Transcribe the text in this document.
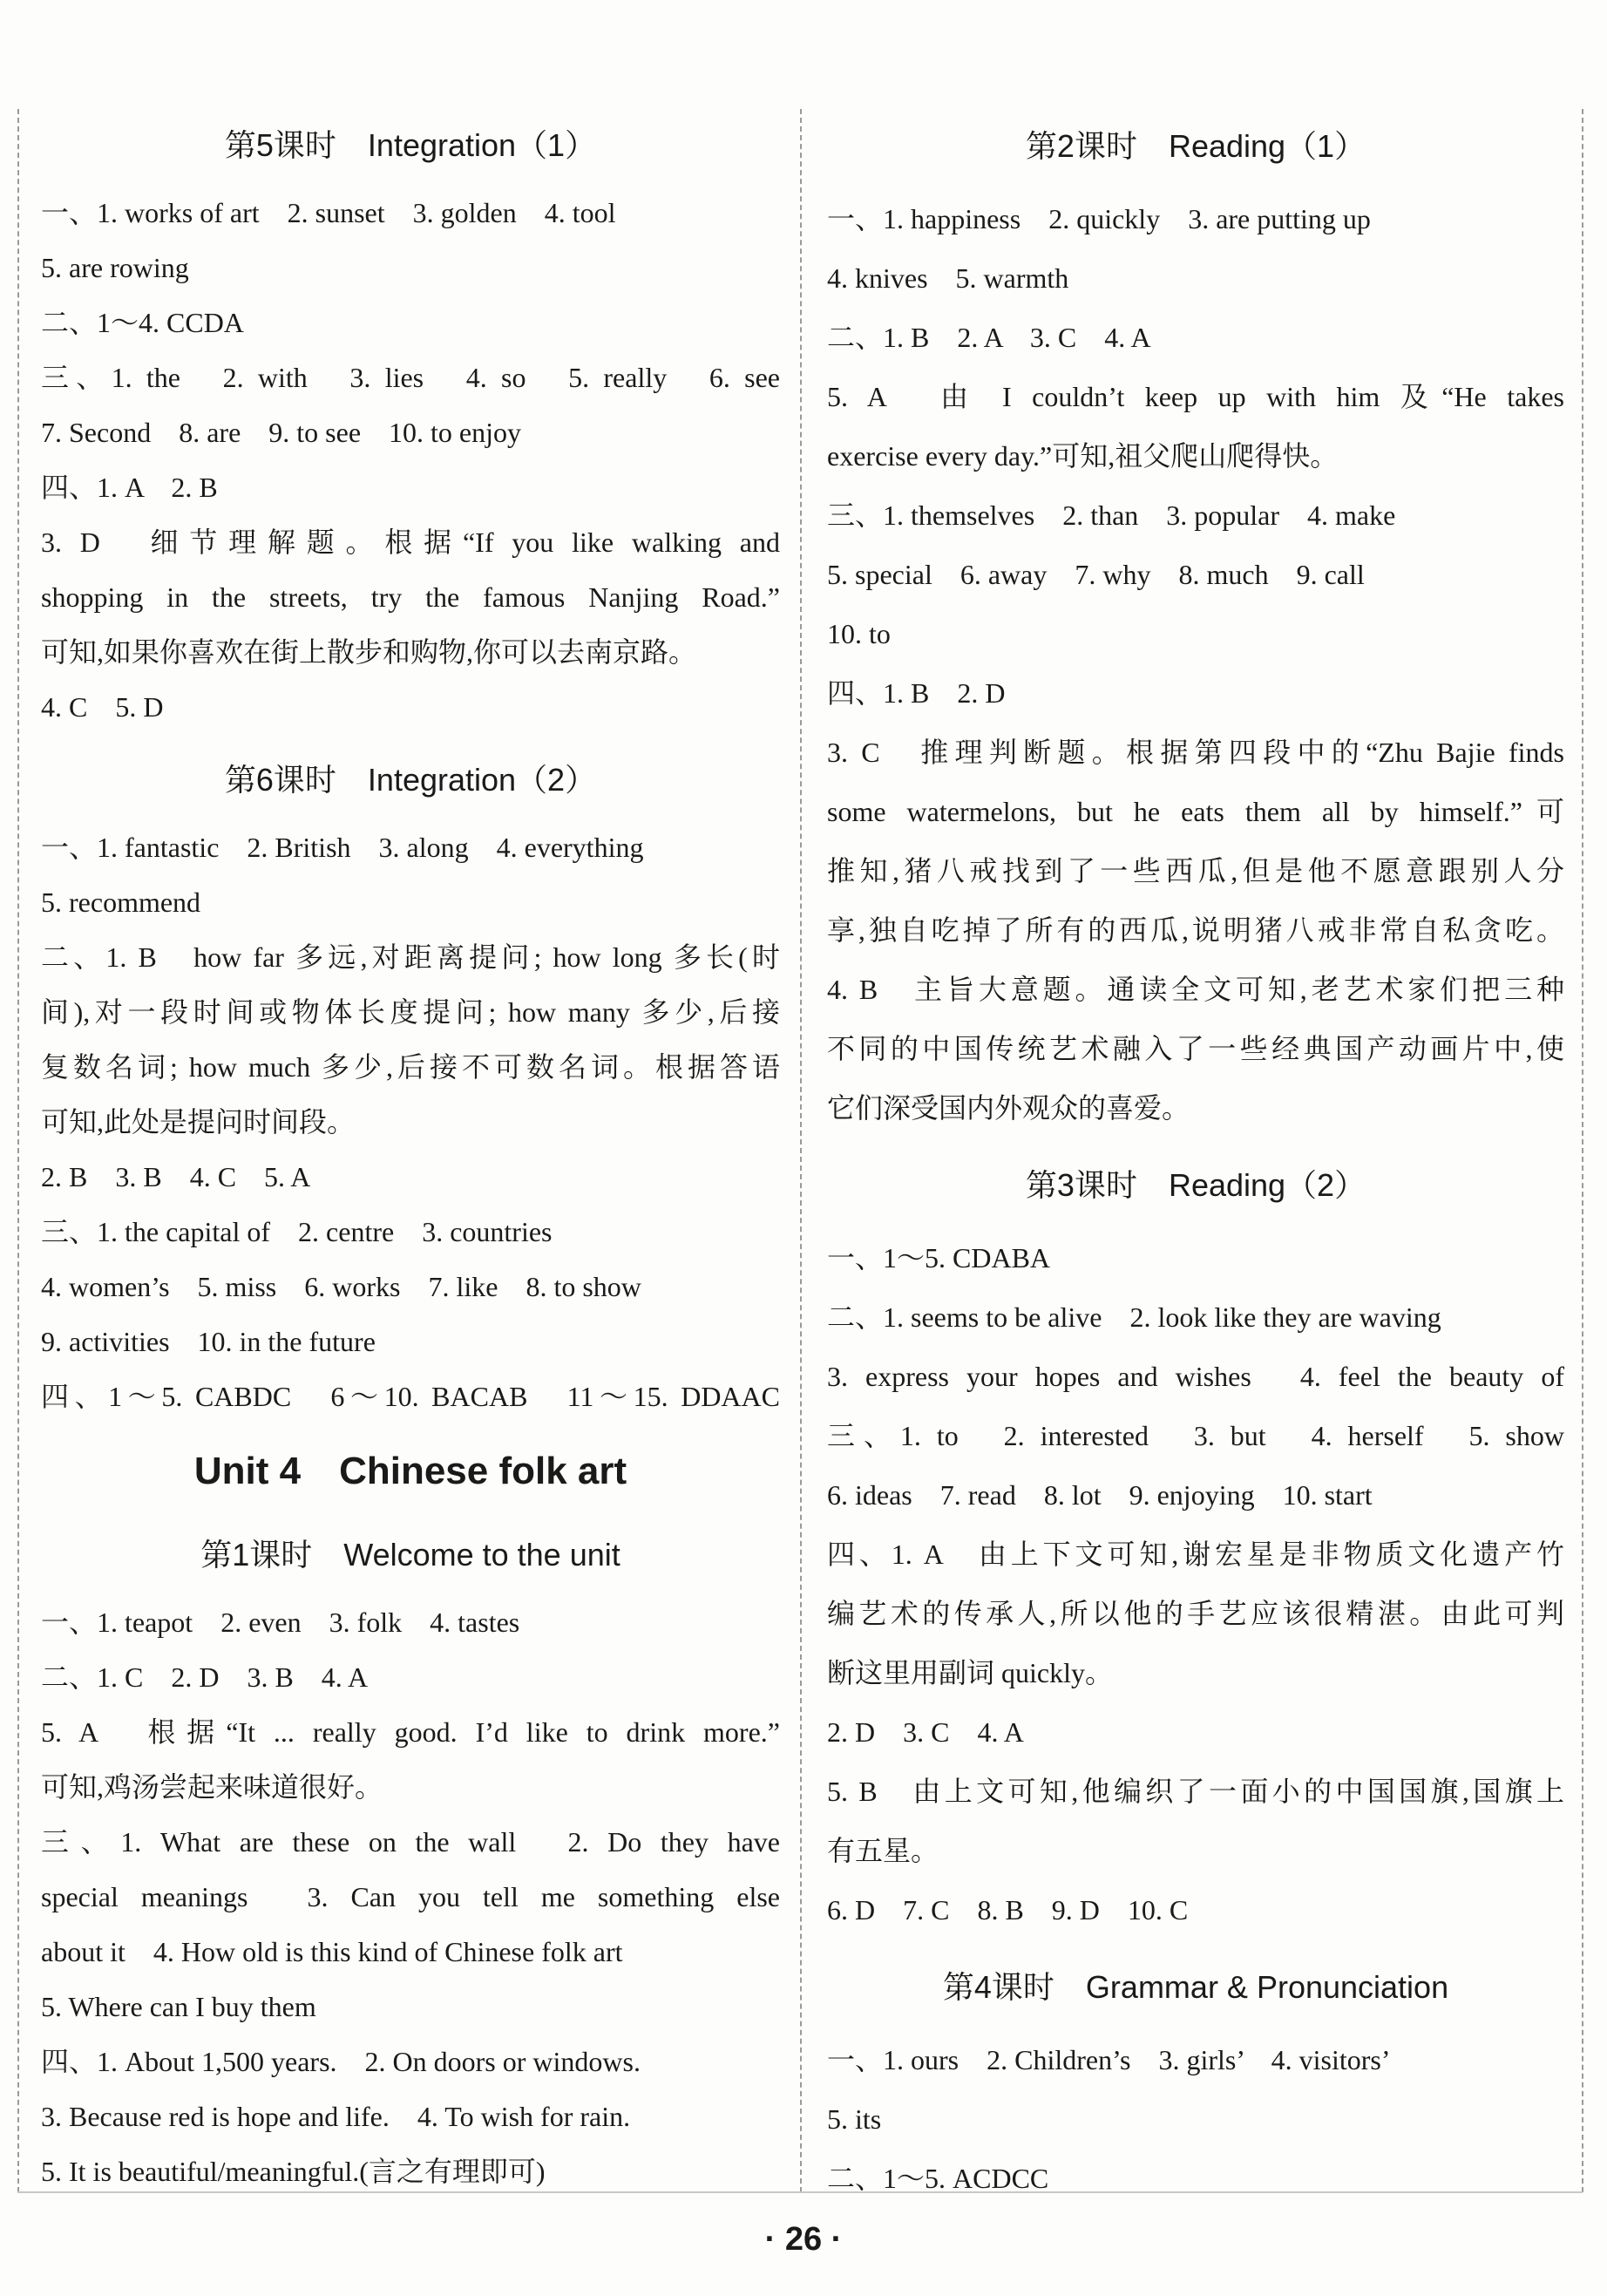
第5课时　Integration（1）
一、1. works of art　2. sunset　3. golden　4. tool
5. are rowing
二、1～4. CCDA
三、1. the　2. with　3. lies　4. so　5. really　6. see
7. Second　8. are　9. to see　10. to enjoy
四、1. A　2. B
3. D　细节理解题。根据“If you like walking and
shopping in the streets, try the famous Nanjing Road.”
可知,如果你喜欢在街上散步和购物,你可以去南京路。
4. C　5. D
第6课时　Integration（2）
一、1. fantastic　2. British　3. along　4. everything
5. recommend
二、1. B　how far 多远,对距离提问; how long 多长(时
间),对一段时间或物体长度提问; how many 多少,后接
复数名词; how much 多少,后接不可数名词。根据答语
可知,此处是提问时间段。
2. B　3. B　4. C　5. A
三、1. the capital of　2. centre　3. countries
4. women’s　5. miss　6. works　7. like　8. to show
9. activities　10. in the future
四、1～5. CABDC　6～10. BACAB　11～15. DDAAC
Unit 4　Chinese folk art
第1课时　Welcome to the unit
一、1. teapot　2. even　3. folk　4. tastes
二、1. C　2. D　3. B　4. A
5. A　根据“It ... really good. I’d like to drink more.”
可知,鸡汤尝起来味道很好。
三、1. What are these on the wall　2. Do they have
special meanings　3. Can you tell me something else
about it　4. How old is this kind of Chinese folk art
5. Where can I buy them
四、1. About 1,500 years.　2. On doors or windows.
3. Because red is hope and life.　4. To wish for rain.
5. It is beautiful/meaningful.(言之有理即可)
第2课时　Reading（1）
一、1. happiness　2. quickly　3. are putting up
4. knives　5. warmth
二、1. B　2. A　3. C　4. A
5. A　由 I couldn’t keep up with him 及“He takes
exercise every day.”可知,祖父爬山爬得快。
三、1. themselves　2. than　3. popular　4. make
5. special　6. away　7. why　8. much　9. call
10. to
四、1. B　2. D
3. C　推理判断题。根据第四段中的“Zhu Bajie finds
some watermelons, but he eats them all by himself.”可
推知,猪八戒找到了一些西瓜,但是他不愿意跟别人分
享,独自吃掉了所有的西瓜,说明猪八戒非常自私贪吃。
4. B　主旨大意题。通读全文可知,老艺术家们把三种
不同的中国传统艺术融入了一些经典国产动画片中,使
它们深受国内外观众的喜爱。
第3课时　Reading（2）
一、1～5. CDABA
二、1. seems to be alive　2. look like they are waving
3. express your hopes and wishes　4. feel the beauty of
三、1. to　2. interested　3. but　4. herself　5. show
6. ideas　7. read　8. lot　9. enjoying　10. start
四、1. A　由上下文可知,谢宏星是非物质文化遗产竹
编艺术的传承人,所以他的手艺应该很精湛。由此可判
断这里用副词 quickly。
2. D　3. C　4. A
5. B　由上文可知,他编织了一面小的中国国旗,国旗上
有五星。
6. D　7. C　8. B　9. D　10. C
第4课时　Grammar & Pronunciation
一、1. ours　2. Children’s　3. girls’　4. visitors’
5. its
二、1～5. ACDCC
· 26 ·
